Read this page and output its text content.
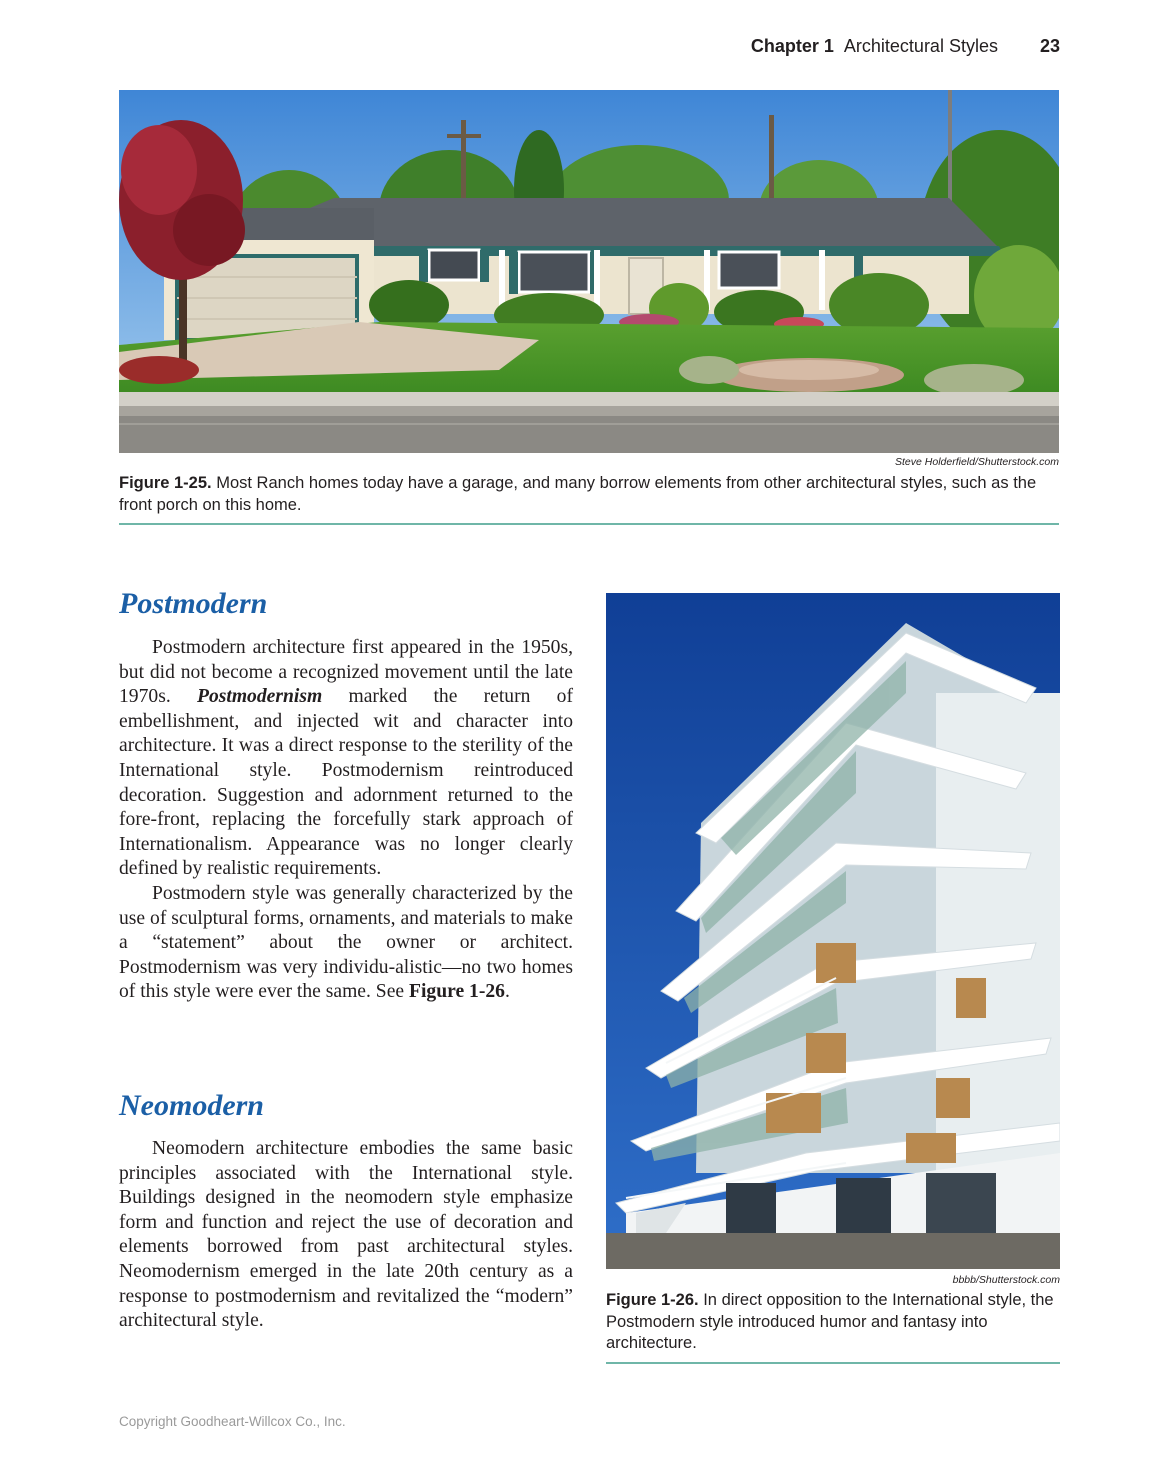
Chapter 1 Architectural Styles 23
Steve Holderfield/Shutterstock.com
Figure 1-25. Most Ranch homes today have a garage, and many borrow elements from other architectural styles, such as the front porch on this home.
Postmodern

Postmodern architecture first appeared in the 1950s, but did not become a recognized movement until the late 1970s. Postmodernism marked the return of embellishment, and injected wit and character into architecture. It was a direct response to the sterility of the International style. Postmodernism reintroduced decoration. Suggestion and adornment returned to the fore-front, replacing the forcefully stark approach of Internationalism. Appearance was no longer clearly defined by realistic requirements.

Postmodern style was generally characterized by the use of sculptural forms, ornaments, and materials to make a “statement” about the owner or architect. Postmodernism was very individu-alistic—no two homes of this style were ever the same. See Figure 1-26.

Neomodern

Neomodern architecture embodies the same basic principles associated with the International style. Buildings designed in the neomodern style emphasize form and function and reject the use of decoration and elements borrowed from past architectural styles. Neomodernism emerged in the late 20th century as a response to postmodernism and revitalized the “modern” architectural style.

bbbb/Shutterstock.com
Figure 1-26. In direct opposition to the International style, the Postmodern style introduced humor and fantasy into architecture.
Copyright Goodheart-Willcox Co., Inc.
